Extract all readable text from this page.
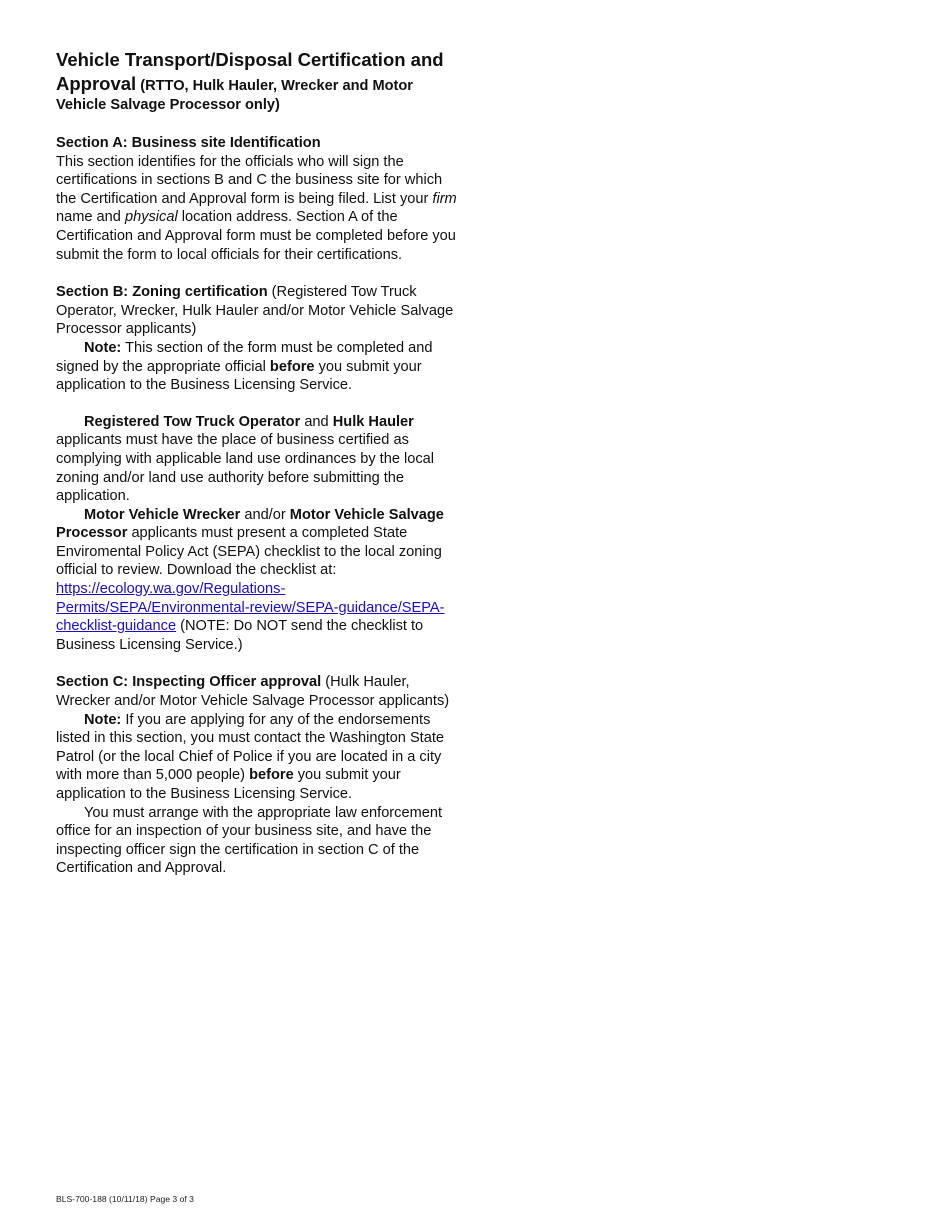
Vehicle Transport/Disposal Certification and
Approval (RTTO, Hulk Hauler, Wrecker and Motor
Vehicle Salvage Processor only)

Section A: Business site Identification
This section identifies for the officials who will sign the certifications in sections B and C the business site for which the Certification and Approval form is being filed. List your firm name and physical location address. Section A of the Certification and Approval form must be completed before you submit the form to local officials for their certifications.

Section B: Zoning certification (Registered Tow Truck Operator, Wrecker, Hulk Hauler and/or Motor Vehicle Salvage Processor applicants)

Note: This section of the form must be completed and signed by the appropriate official before you submit your application to the Business Licensing Service.

Registered Tow Truck Operator and Hulk Hauler applicants must have the place of business certified as complying with applicable land use ordinances by the local zoning and/or land use authority before submitting the application.

Motor Vehicle Wrecker and/or Motor Vehicle Salvage Processor applicants must present a completed State Enviromental Policy Act (SEPA) checklist to the local zoning official to review. Download the checklist at: https://ecology.wa.gov/Regulations-Permits/SEPA/Environmental-review/SEPA-guidance/SEPA-checklist-guidance (NOTE: Do NOT send the checklist to Business Licensing Service.)

Section C: Inspecting Officer approval (Hulk Hauler, Wrecker and/or Motor Vehicle Salvage Processor applicants)

Note: If you are applying for any of the endorsements listed in this section, you must contact the Washington State Patrol (or the local Chief of Police if you are located in a city with more than 5,000 people) before you submit your application to the Business Licensing Service.

You must arrange with the appropriate law enforcement office for an inspection of your business site, and have the inspecting officer sign the certification in section C of the Certification and Approval.

BLS-700-188 (10/11/18) Page 3 of 3
